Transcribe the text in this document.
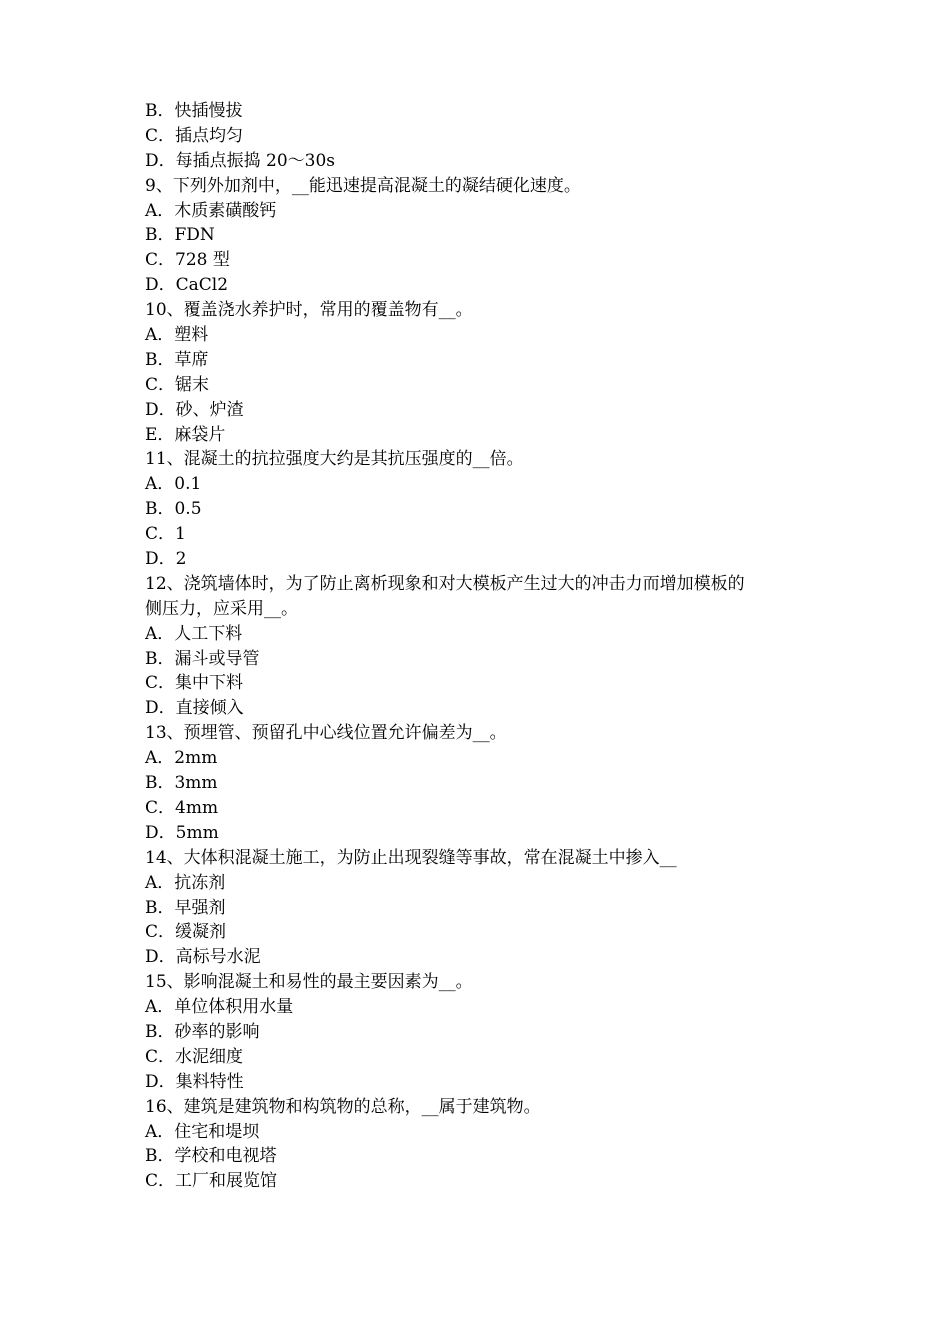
B．快插慢拔
C．插点均匀
D．每插点振捣 20～30s
9、下列外加剂中，__能迅速提高混凝土的凝结硬化速度。
A．木质素磺酸钙
B．FDN
C．728 型
D．CaCl2
10、覆盖浇水养护时，常用的覆盖物有__。
A．塑料
B．草席
C．锯末
D．砂、炉渣
E．麻袋片
11、混凝土的抗拉强度大约是其抗压强度的__倍。
A．0.1
B．0.5
C．1
D．2
12、浇筑墙体时，为了防止离析现象和对大模板产生过大的冲击力而增加模板的
侧压力，应采用__。
A．人工下料
B．漏斗或导管
C．集中下料
D．直接倾入
13、预埋管、预留孔中心线位置允许偏差为__。
A．2mm
B．3mm
C．4mm
D．5mm
14、大体积混凝土施工，为防止出现裂缝等事故，常在混凝土中掺入__
A．抗冻剂
B．早强剂
C．缓凝剂
D．高标号水泥
15、影响混凝土和易性的最主要因素为__。
A．单位体积用水量
B．砂率的影响
C．水泥细度
D．集料特性
16、建筑是建筑物和构筑物的总称，__属于建筑物。
A．住宅和堤坝
B．学校和电视塔
C．工厂和展览馆
